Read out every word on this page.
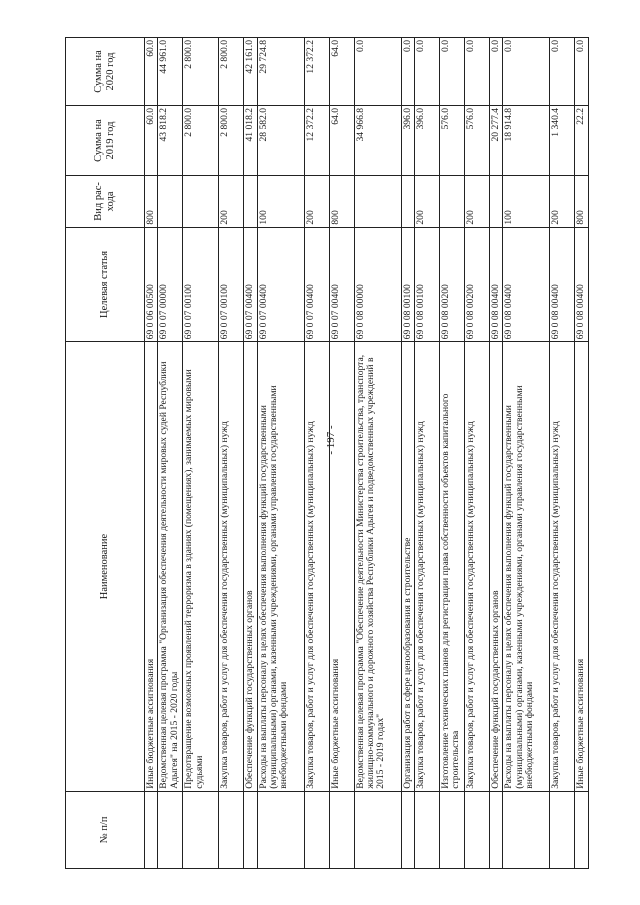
- 197 -
№ п/п	Наименование	Целевая статья	Вид рас- хода	Сумма на 2019 год	Сумма на 2020 год
	Иные бюджетные ассигнования	69 0 06 00500	800	60.0	60.0
	Ведомственная целевая программа "Организация обеспечения деятельности мировых судей Республики Адыгея" на 2015 - 2020 годы	69 0 07 00000		43 818.2	44 961.0
	Предотвращение возможных проявлений терроризма в зданиях (помещениях), занимаемых мировыми судьями	69 0 07 00100		2 800.0	2 800.0
	Закупка товаров, работ и услуг для обеспечения государственных (муниципальных) нужд	69 0 07 00100	200	2 800.0	2 800.0
	Обеспечение функций государственных органов	69 0 07 00400		41 018.2	42 161.0
	Расходы на выплаты персоналу в целях обеспечения выполнения функций государственными (муниципальными) органами, казенными учреждениями, органами управления государственными внебюджетными фондами	69 0 07 00400	100	28 582.0	29 724.8
	Закупка товаров, работ и услуг для обеспечения государственных (муниципальных) нужд	69 0 07 00400	200	12 372.2	12 372.2
	Иные бюджетные ассигнования	69 0 07 00400	800	64.0	64.0
	Ведомственная целевая программа "Обеспечение деятельности Министерства строительства, транспорта, жилищно-коммунального и дорожного хозяйства Республики Адыгея и подведомственных учреждений в 2015 - 2019 годах"	69 0 08 00000		34 966.8	0.0
	Организация работ в сфере ценообразования в строительстве	69 0 08 00100		396.0	0.0
	Закупка товаров, работ и услуг для обеспечения государственных (муниципальных) нужд	69 0 08 00100	200	396.0	0.0
	Изготовление технических планов для регистрации права собственности объектов капитального строительства	69 0 08 00200		576.0	0.0
	Закупка товаров, работ и услуг для обеспечения государственных (муниципальных) нужд	69 0 08 00200	200	576.0	0.0
	Обеспечение функций государственных органов	69 0 08 00400		20 277.4	0.0
	Расходы на выплаты персоналу в целях обеспечения выполнения функций государственными (муниципальными) органами, казенными учреждениями, органами управления государственными внебюджетными фондами	69 0 08 00400	100	18 914.8	0.0
	Закупка товаров, работ и услуг для обеспечения государственных (муниципальных) нужд	69 0 08 00400	200	1 340.4	0.0
	Иные бюджетные ассигнования	69 0 08 00400	800	22.2	0.0
